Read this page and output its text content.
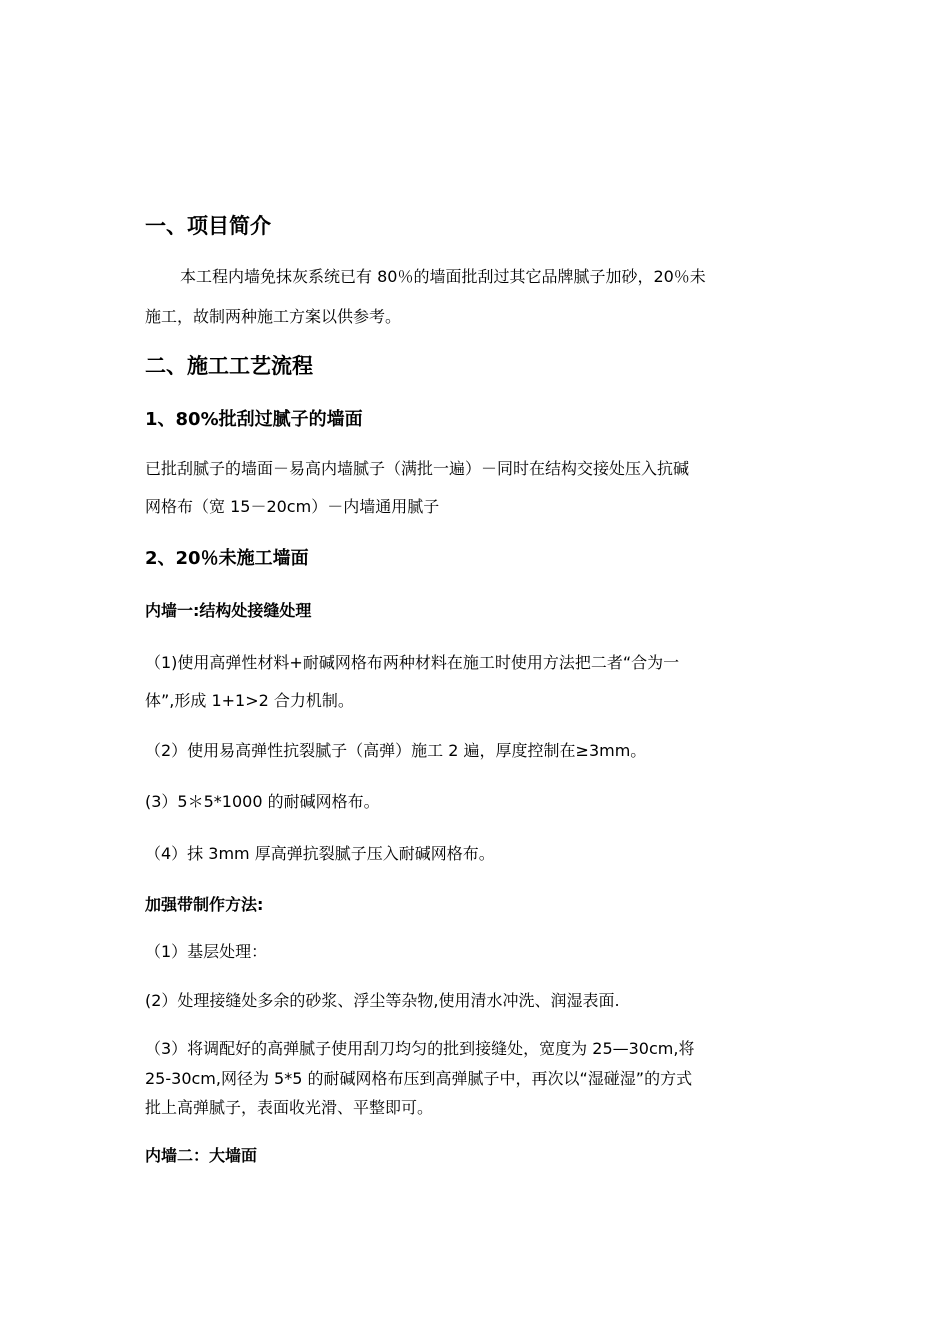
一、项目简介

本工程内墙免抹灰系统已有 80％的墙面批刮过其它品牌腻子加砂，20％未

施工，故制两种施工方案以供参考。

二、施工工艺流程
1、80%批刮过腻子的墙面

已批刮腻子的墙面－易高内墙腻子（满批一遍）－同时在结构交接处压入抗碱

网格布（宽 15－20cm）－内墙通用腻子

2、20％未施工墙面
内墙一:结构处接缝处理

（1)使用高弹性材料+耐碱网格布两种材料在施工时使用方法把二者“合为一

体”,形成 1+1>2 合力机制。

（2）使用易高弹性抗裂腻子（高弹）施工 2 遍，厚度控制在≥3mm。

(3）5＊5*1000 的耐碱网格布。

（4）抹 3mm 厚高弹抗裂腻子压入耐碱网格布。

加强带制作方法:

（1）基层处理：

(2）处理接缝处多余的砂浆、浮尘等杂物,使用清水冲洗、润湿表面.

（3）将调配好的高弹腻子使用刮刀均匀的批到接缝处，宽度为 25—30cm,将

25-30cm,网径为 5*5 的耐碱网格布压到高弹腻子中，再次以“湿碰湿”的方式

批上高弹腻子，表面收光滑、平整即可。

内墙二：大墙面
